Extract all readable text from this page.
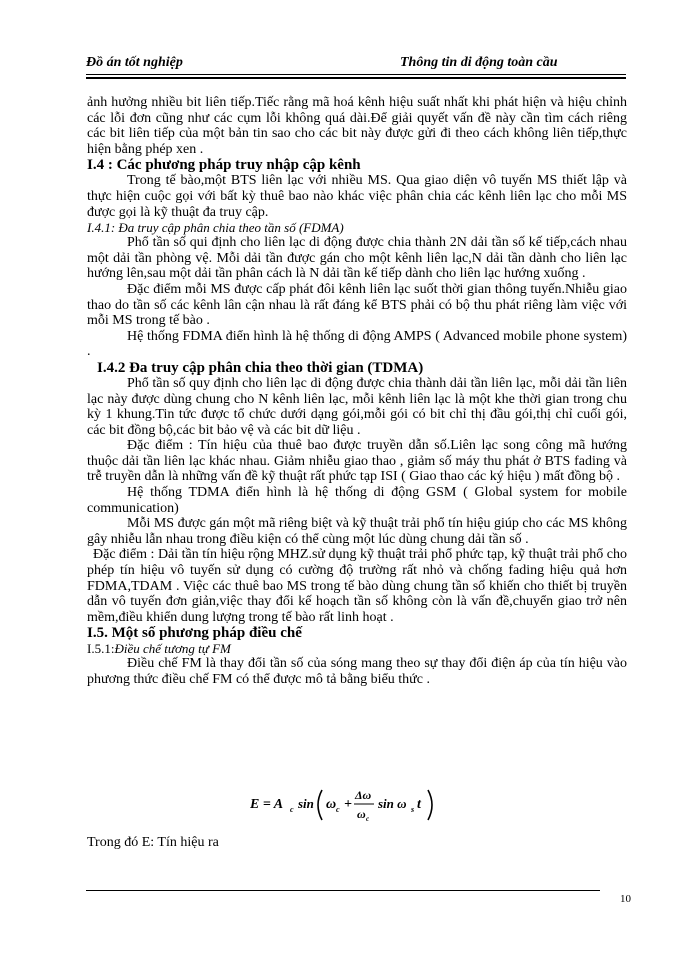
Đồ án tốt nghiệp	Thông tin di động toàn cầu

ảnh hưởng nhiều bit liên tiếp.Tiếc rằng mã hoá kênh hiệu suất nhất khi phát hiện và hiệu chỉnh các lỗi đơn cũng như các cụm lỗi không quá dài.Để giải quyết vấn đề này cần tìm cách riêng các bit liên tiếp của một bản tin sao cho các bit này được gửi đi theo cách không liên tiếp,thực hiện bằng phép xen .

I.4 : Các phương pháp truy nhập cập kênh

Trong tế bào,một BTS liên lạc với nhiều MS. Qua giao diện vô tuyến MS thiết lập và thực hiện cuộc gọi với bất kỳ thuê bao nào khác việc phân chia các kênh liên lạc cho mỗi MS được gọi là kỹ thuật đa truy cập.

I.4.1: Đa truy cập phân chia theo tần số (FDMA)

Phổ tần số qui định cho liên lạc di động được chia thành 2N dải tần số kế tiếp,cách nhau một dải tần phòng vệ. Mỗi dải tần được gán cho một kênh liên lạc,N dải tần dành cho liên lạc hướng lên,sau một dải tần phân cách là N dải tần kế tiếp dành cho liên lạc hướng xuống .

Đặc điểm mỗi MS được cấp phát đôi kênh liên lạc suốt thời gian thông tuyến.Nhiễu giao thao do tần số các kênh lân cận nhau là rất đáng kể BTS phải có bộ thu phát riêng làm việc với mỗi MS trong tế bào .

Hệ thống FDMA điển hình là hệ thống di động AMPS ( Advanced mobile phone system) .

I.4.2 Đa truy cập phân chia theo thời gian (TDMA)

Phổ tần số quy định cho liên lạc di động được chia thành dải tần liên lạc, mỗi dải tần liên lạc này được dùng chung cho N kênh liên lạc, mỗi kênh liên lạc là một khe thời gian trong chu kỳ 1 khung.Tin tức được tổ chức dưới dạng gói,mỗi gói có bit chỉ thị đầu gói,thị chỉ cuối gói, các bit đồng bộ,các bit bảo vệ và các bit dữ liệu .

Đặc điểm : Tín hiệu của thuê bao được truyền dẫn số.Liên lạc song công mã hướng thuộc dải tần liên lạc khác nhau. Giảm nhiễu giao thao , giảm số máy thu phát ở BTS fading và trễ truyền dẫn là những vấn đề kỹ thuật rất phức tạp ISI ( Giao thao các ký hiệu ) mất đồng bộ .

Hệ thống TDMA điển hình là hệ thống di động GSM ( Global system for mobile communication)

Mỗi MS được gán một mã riêng biệt và kỹ thuật trải phổ tín hiệu giúp cho các MS không gây nhiễu lẫn nhau trong điều kiện có thể cùng một lúc dùng chung dải tần số .

Đặc điểm : Dải tần tín hiệu rộng MHZ.sử dụng kỹ thuật trải phổ phức tạp, kỹ thuật trải phổ cho phép tín hiệu vô tuyến sử dụng có cường độ trường rất nhỏ và chống fading hiệu quả hơn FDMA,TDAM . Việc các thuê bao MS trong tế bào dùng chung tần số khiến cho thiết bị truyền dẫn vô tuyến đơn giản,việc thay đổi kế hoạch tần số không còn là vấn đề,chuyển giao trở nên mềm,điều khiển dung lượng trong tế bào rất linh hoạt .

I.5. Một số phương pháp điều chế

I.5.1:Điều chế tương tự FM

Điều chế FM là thay đổi tần số của sóng mang theo sự thay đổi điện áp của tín hiệu vào phương thức điều chế FM có thể được mô tả bằng biểu thức .

E = A c sin ω c +
Δω
ω c
sin ω s t
Trong đó E: Tín hiệu ra
10
